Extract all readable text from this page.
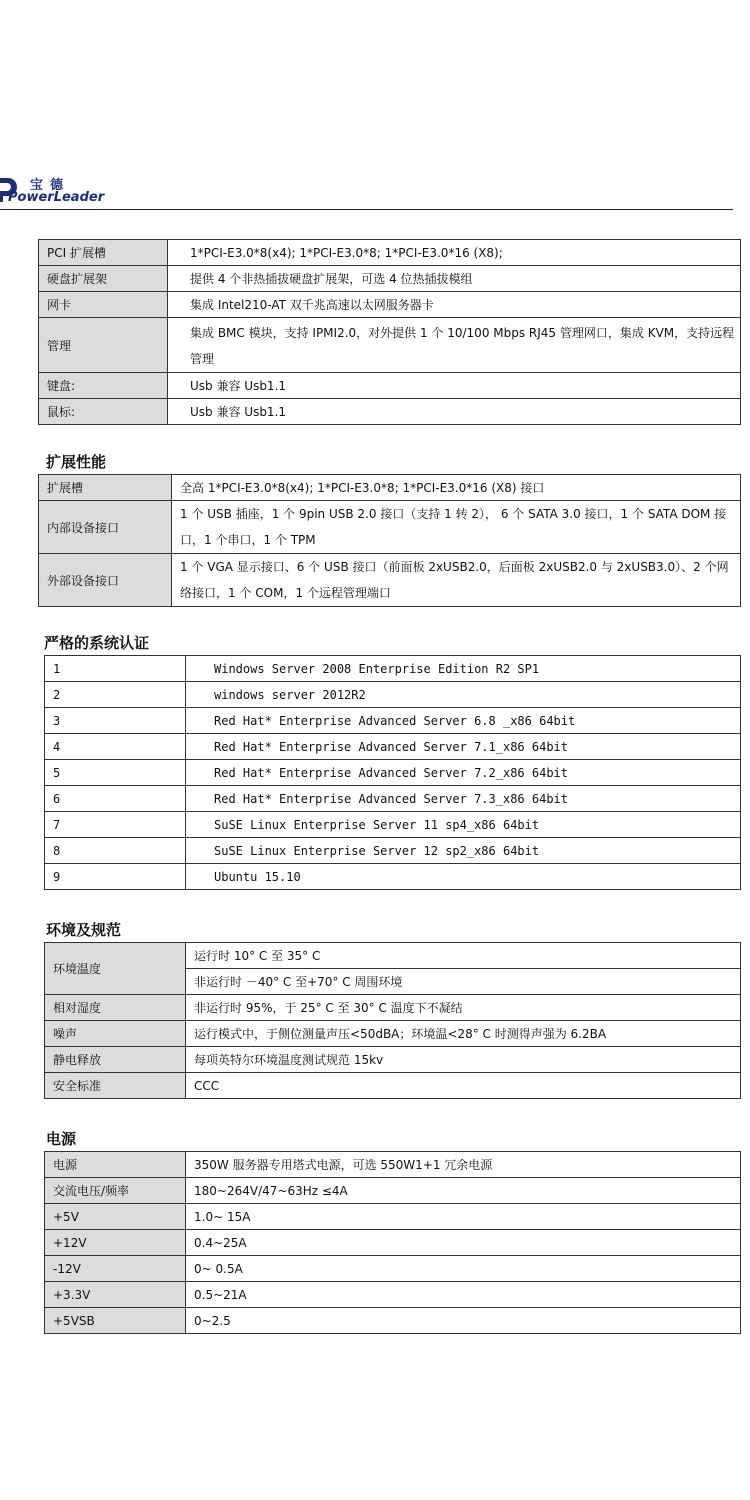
宝德
PowerLeader
PCI 扩展槽	1*PCI-E3.0*8(x4); 1*PCI-E3.0*8; 1*PCI-E3.0*16 (X8);
硬盘扩展架	提供 4 个非热插拔硬盘扩展架，可选 4 位热插拔模组
网卡	集成 Intel210-AT 双千兆高速以太网服务器卡
管理	集成 BMC 模块，支持 IPMI2.0，对外提供 1 个 10/100 Mbps RJ45 管理网口，集成 KVM，支持远程管理
键盘:	Usb 兼容 Usb1.1
鼠标:	Usb 兼容 Usb1.1
扩展性能
扩展槽	全高 1*PCI-E3.0*8(x4); 1*PCI-E3.0*8; 1*PCI-E3.0*16 (X8) 接口
内部设备接口	1 个 USB 插座，1 个 9pin USB 2.0 接口（支持 1 转 2）， 6 个 SATA 3.0 接口，1 个 SATA DOM 接口，1 个串口，1 个 TPM
外部设备接口	1 个 VGA 显示接口、6 个 USB 接口（前面板 2xUSB2.0，后面板 2xUSB2.0 与 2xUSB3.0）、2 个网络接口，1 个 COM，1 个远程管理端口
严格的系统认证
1	Windows Server 2008 Enterprise Edition R2 SP1
2	windows server 2012R2
3	Red Hat* Enterprise Advanced Server 6.8 _x86 64bit
4	Red Hat* Enterprise Advanced Server 7.1_x86 64bit
5	Red Hat* Enterprise Advanced Server 7.2_x86 64bit
6	Red Hat* Enterprise Advanced Server 7.3_x86 64bit
7	SuSE Linux Enterprise Server 11 sp4_x86 64bit
8	SuSE Linux Enterprise Server 12 sp2_x86 64bit
9	Ubuntu 15.10
环境及规范
环境温度	运行时 10° C 至 35° C
	非运行时 －40° C 至+70° C 周围环境
相对湿度	非运行时 95%，于 25° C 至 30° C 温度下不凝结
噪声	运行模式中，于侧位测量声压<50dBA；环境温<28° C 时测得声强为 6.2BA
静电释放	每项英特尔环境温度测试规范 15kv
安全标准	CCC
电源
电源	350W 服务器专用塔式电源，可选 550W1+1 冗余电源
交流电压/频率	180~264V/47~63Hz ≤4A
+5V	1.0~ 15A
+12V	0.4~25A
-12V	0~ 0.5A
+3.3V	0.5~21A
+5VSB	0~2.5
